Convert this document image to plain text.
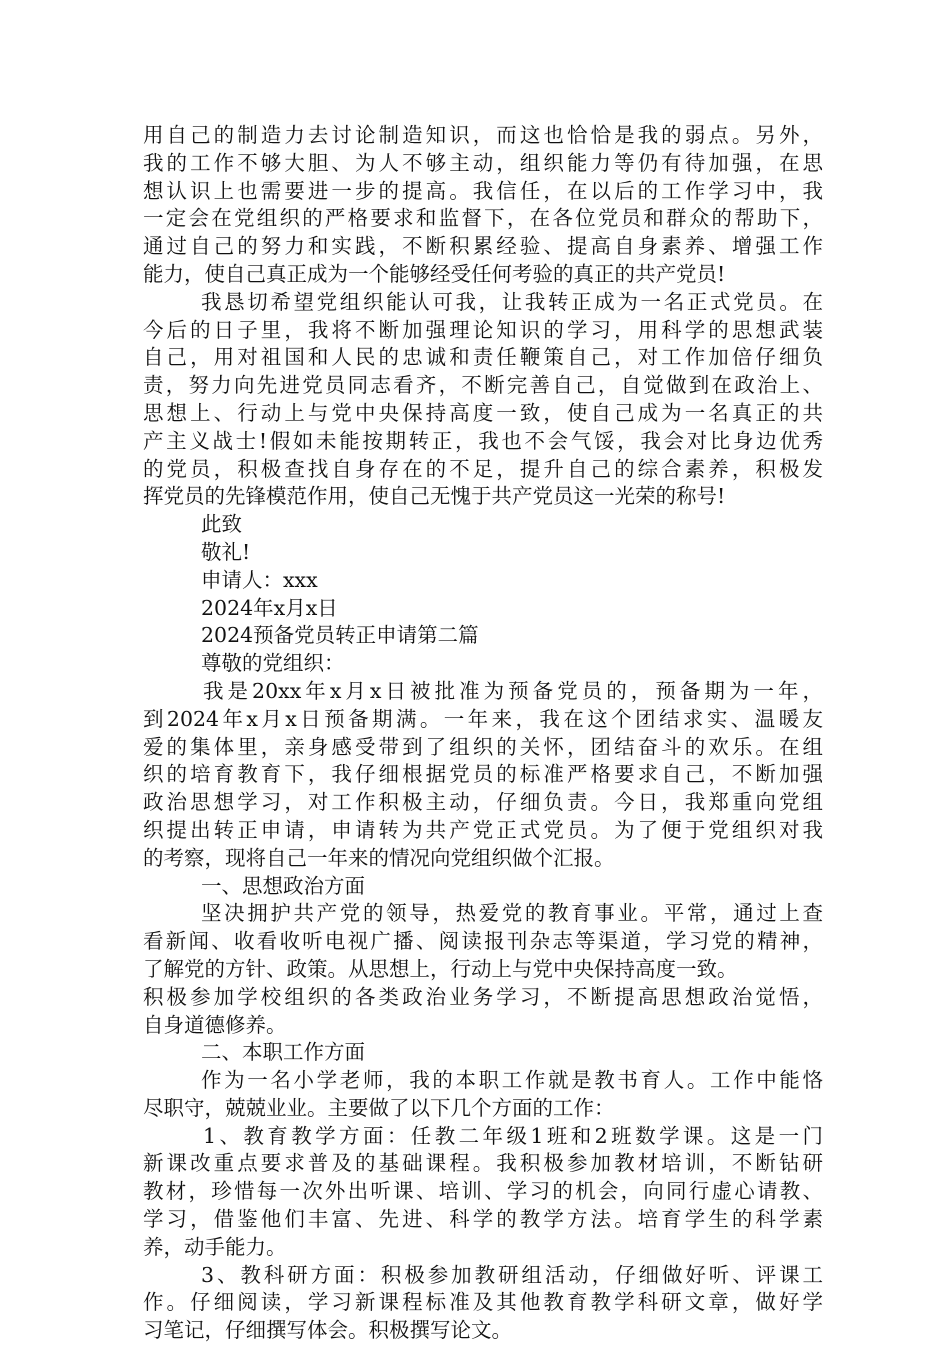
用自己的制造力去讨论制造知识，而这也恰恰是我的弱点。另外，
我的工作不够大胆、为人不够主动，组织能力等仍有待加强，在思
想认识上也需要进一步的提高。我信任，在以后的工作学习中，我
一定会在党组织的严格要求和监督下，在各位党员和群众的帮助下，
通过自己的努力和实践，不断积累经验、提高自身素养、增强工作
能力，使自己真正成为一个能够经受任何考验的真正的共产党员!
我恳切希望党组织能认可我，让我转正成为一名正式党员。在
今后的日子里，我将不断加强理论知识的学习，用科学的思想武装
自己，用对祖国和人民的忠诚和责任鞭策自己，对工作加倍仔细负
责，努力向先进党员同志看齐，不断完善自己，自觉做到在政治上、
思想上、行动上与党中央保持高度一致，使自己成为一名真正的共
产主义战士!假如未能按期转正，我也不会气馁，我会对比身边优秀
的党员，积极查找自身存在的不足，提升自己的综合素养，积极发
挥党员的先锋模范作用，使自己无愧于共产党员这一光荣的称号!
此致
敬礼!
申请人：xxx
2024年x月x日
2024预备党员转正申请第二篇
尊敬的党组织：
我是20xx年x月x日被批准为预备党员的，预备期为一年，
到2024年x月x日预备期满。一年来，我在这个团结求实、温暖友
爱的集体里，亲身感受带到了组织的关怀，团结奋斗的欢乐。在组
织的培育教育下，我仔细根据党员的标准严格要求自己，不断加强
政治思想学习，对工作积极主动，仔细负责。今日，我郑重向党组
织提出转正申请，申请转为共产党正式党员。为了便于党组织对我
的考察，现将自己一年来的情况向党组织做个汇报。
一、思想政治方面
坚决拥护共产党的领导，热爱党的教育事业。平常，通过上查
看新闻、收看收听电视广播、阅读报刊杂志等渠道，学习党的精神，
了解党的方针、政策。从思想上，行动上与党中央保持高度一致。
积极参加学校组织的各类政治业务学习，不断提高思想政治觉悟，
自身道德修养。
二、本职工作方面
作为一名小学老师，我的本职工作就是教书育人。工作中能恪
尽职守，兢兢业业。主要做了以下几个方面的工作：
1、教育教学方面：任教二年级1班和2班数学课。这是一门
新课改重点要求普及的基础课程。我积极参加教材培训，不断钻研
教材，珍惜每一次外出听课、培训、学习的机会，向同行虚心请教、
学习，借鉴他们丰富、先进、科学的教学方法。培育学生的科学素
养，动手能力。
3、教科研方面：积极参加教研组活动，仔细做好听、评课工
作。仔细阅读，学习新课程标准及其他教育教学科研文章，做好学
习笔记，仔细撰写体会。积极撰写论文。
